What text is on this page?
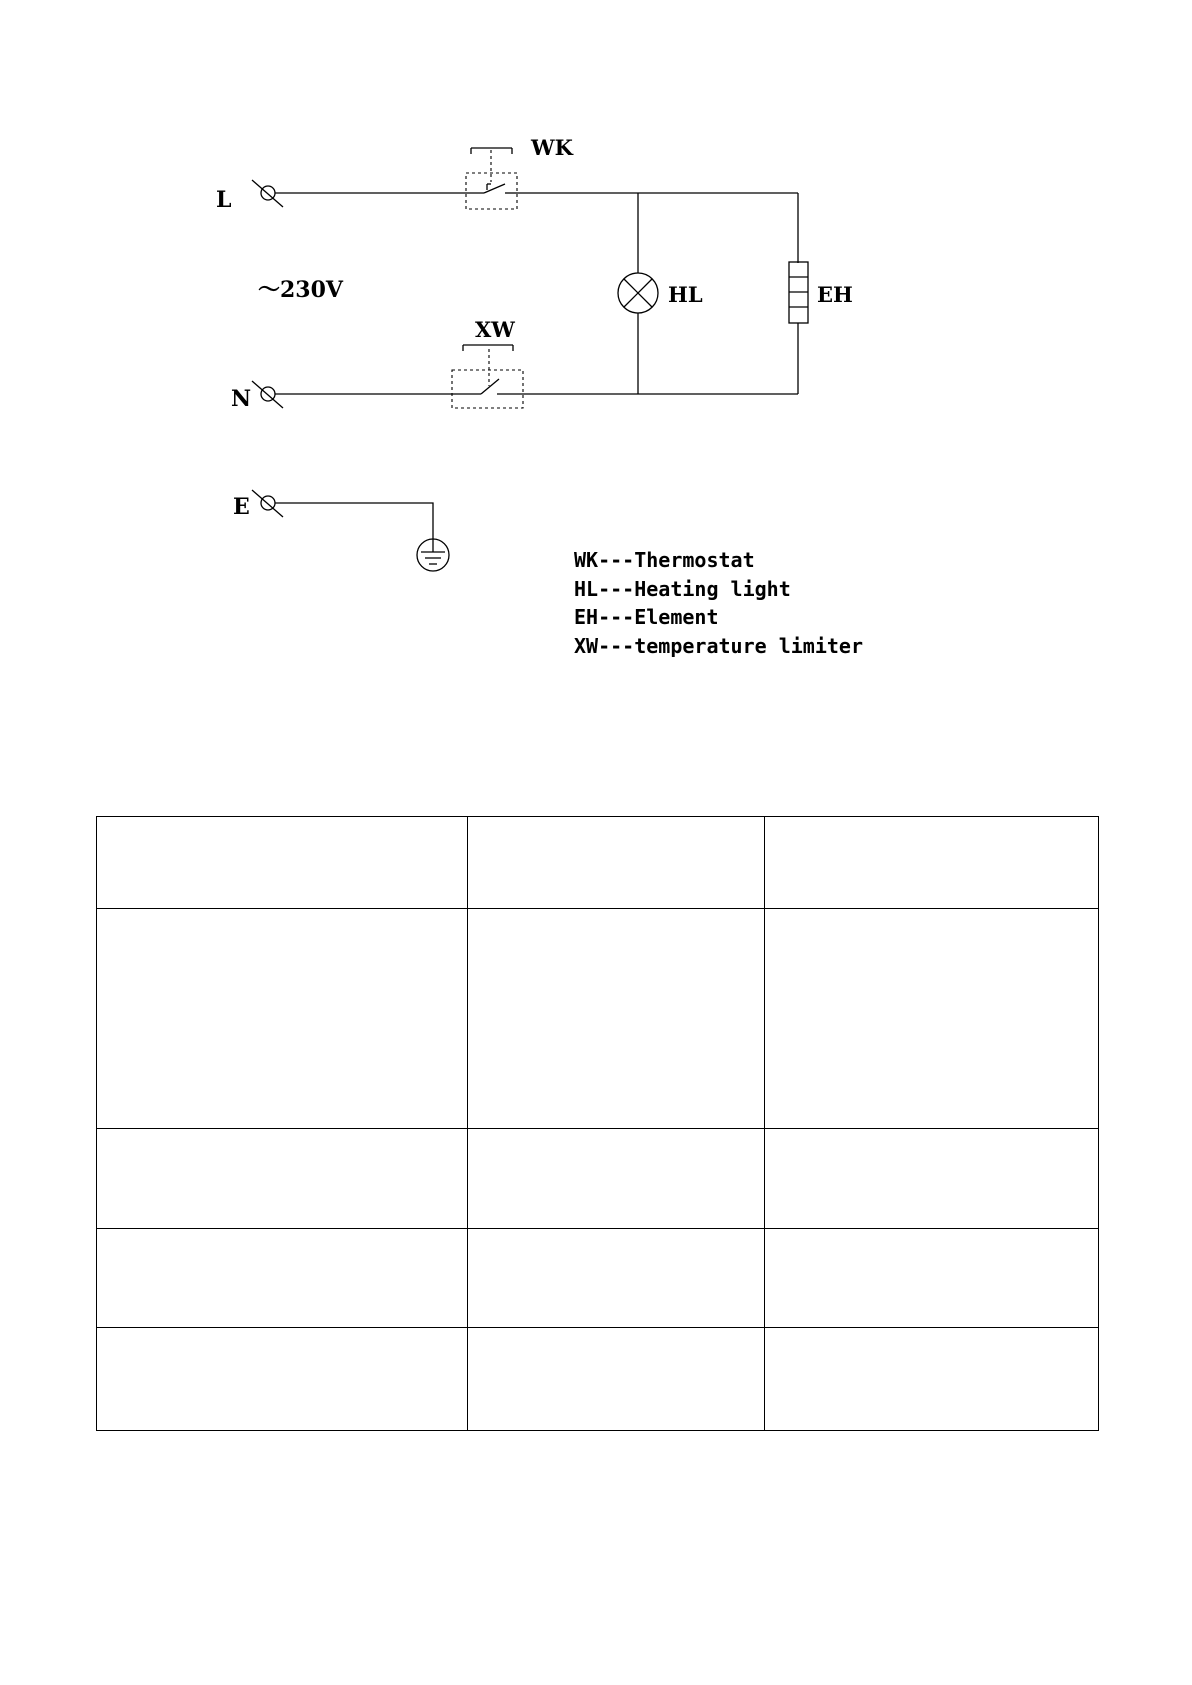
L
N
E
～230V
WK
HL	EH
XW
WK---Thermostat
HL---Heating light
EH---Element
XW---temperature limiter
